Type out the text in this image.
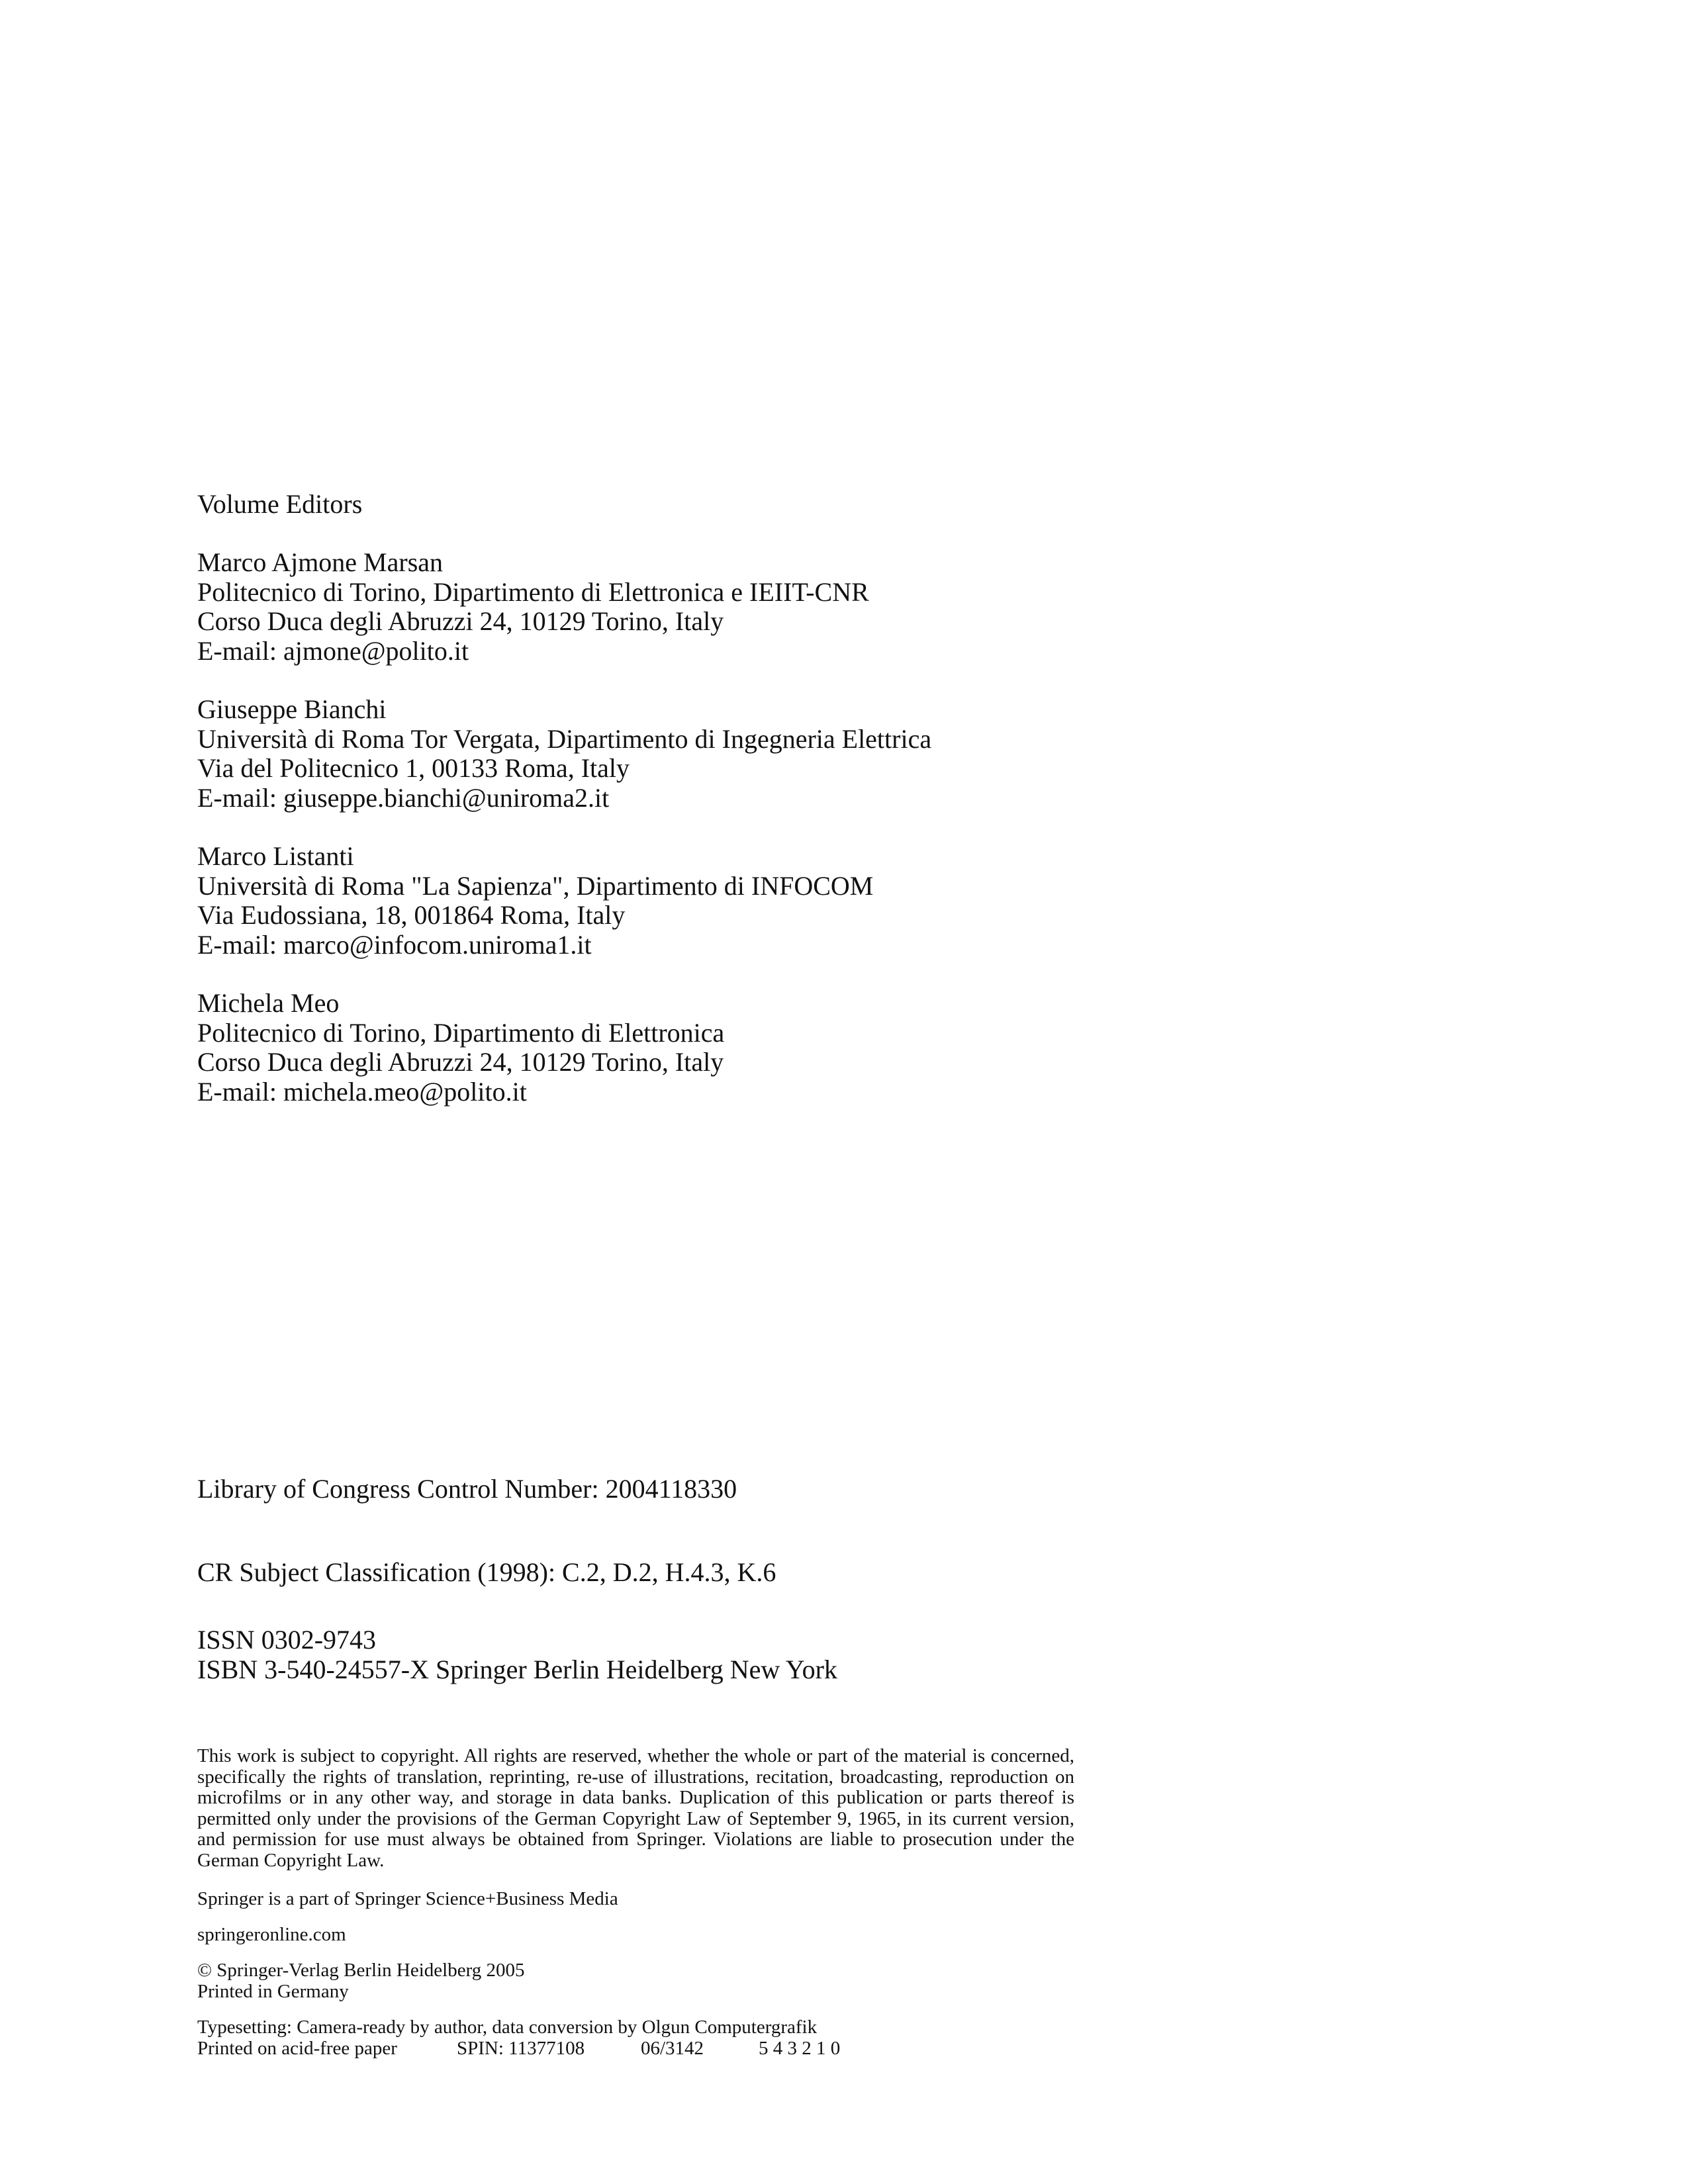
Volume Editors
Marco Ajmone Marsan
Politecnico di Torino, Dipartimento di Elettronica e IEIIT-CNR
Corso Duca degli Abruzzi 24, 10129 Torino, Italy
E-mail: ajmone@polito.it
Giuseppe Bianchi
Università di Roma Tor Vergata, Dipartimento di Ingegneria Elettrica
Via del Politecnico 1, 00133 Roma, Italy
E-mail: giuseppe.bianchi@uniroma2.it
Marco Listanti
Università di Roma "La Sapienza", Dipartimento di INFOCOM
Via Eudossiana, 18, 001864 Roma, Italy
E-mail: marco@infocom.uniroma1.it
Michela Meo
Politecnico di Torino, Dipartimento di Elettronica
Corso Duca degli Abruzzi 24, 10129 Torino, Italy
E-mail: michela.meo@polito.it
Library of Congress Control Number: 2004118330
CR Subject Classification (1998): C.2, D.2, H.4.3, K.6
ISSN 0302-9743
ISBN 3-540-24557-X Springer Berlin Heidelberg New York
This work is subject to copyright. All rights are reserved, whether the whole or part of the material is concerned, specifically the rights of translation, reprinting, re-use of illustrations, recitation, broadcasting, reproduction on microfilms or in any other way, and storage in data banks. Duplication of this publication or parts thereof is permitted only under the provisions of the German Copyright Law of September 9, 1965, in its current version, and permission for use must always be obtained from Springer. Violations are liable to prosecution under the German Copyright Law.
Springer is a part of Springer Science+Business Media
springeronline.com
© Springer-Verlag Berlin Heidelberg 2005
Printed in Germany
Typesetting: Camera-ready by author, data conversion by Olgun Computergrafik
Printed on acid-free paper	SPIN: 11377108	06/3142	5 4 3 2 1 0
